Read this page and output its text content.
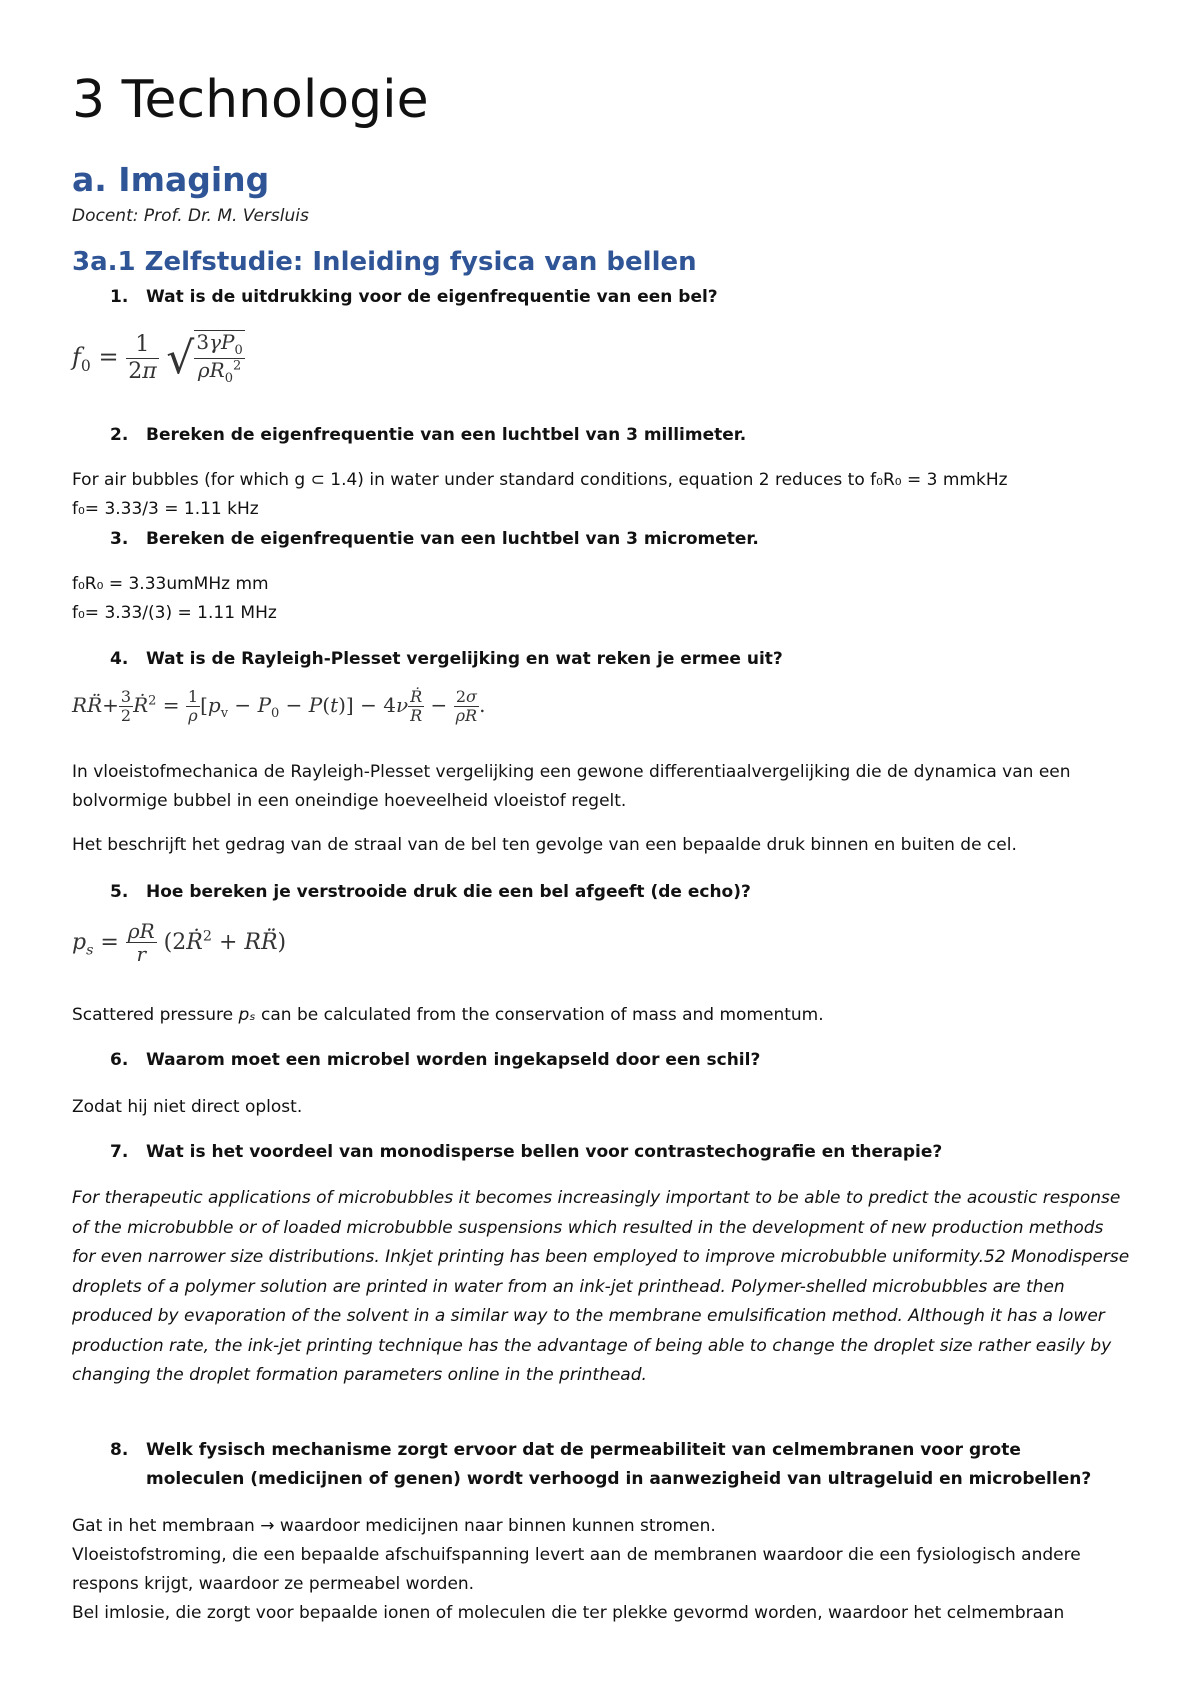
3 Technologie
a. Imaging

Docent: Prof. Dr. M. Versluis

3a.1 Zelfstudie: Inleiding fysica van bellen
1. Wat is de uitdrukking voor de eigenfrequentie van een bel?
$f_0 = \frac{1}{2\pi}$ √ $\frac{3\gamma P_0}{\rho R_0^2}$
2. Bereken de eigenfrequentie van een luchtbel van 3 millimeter.

For air bubbles (for which g ⊂ 1.4) in water under standard conditions, equation 2 reduces to f₀R₀ = 3 mmkHz

f₀= 3.33/3 = 1.11 kHz

3. Bereken de eigenfrequentie van een luchtbel van 3 micrometer.

f₀R₀ = 3.33umMHz mm

f₀= 3.33/(3) = 1.11 MHz

4. Wat is de Rayleigh-Plesset vergelijking en wat reken je ermee uit?
RR̈+ $\frac{3}{2}$ Ṙ$^2$ = $\frac{1}{\rho} [p_v - P_0 - P(t)] - 4\nu \frac{\text{Ṙ}}{R} - \frac{2\sigma}{\rho R}$ .

In vloeistofmechanica de Rayleigh-Plesset vergelijking een gewone differentiaalvergelijking die de dynamica van een bolvormige bubbel in een oneindige hoeveelheid vloeistof regelt.

Het beschrijft het gedrag van de straal van de bel ten gevolge van een bepaalde druk binnen en buiten de cel.

5. Hoe bereken je verstrooide druk die een bel afgeeft (de echo)?
$p_s = \frac{\rho R}{r}$ (2Ṙ$^2$ + RR̈)

Scattered pressure pₛ can be calculated from the conservation of mass and momentum.

6. Waarom moet een microbel worden ingekapseld door een schil?

Zodat hij niet direct oplost.

7. Wat is het voordeel van monodisperse bellen voor contrastechografie en therapie?

For therapeutic applications of microbubbles it becomes increasingly important to be able to predict the acoustic response of the microbubble or of loaded microbubble suspensions which resulted in the development of new production methods for even narrower size distributions. Inkjet printing has been employed to improve microbubble uniformity.52 Monodisperse droplets of a polymer solution are printed in water from an ink-jet printhead. Polymer-shelled microbubbles are then produced by evaporation of the solvent in a similar way to the membrane emulsification method. Although it has a lower production rate, the ink-jet printing technique has the advantage of being able to change the droplet size rather easily by changing the droplet formation parameters online in the printhead.

8. Welk fysisch mechanisme zorgt ervoor dat de permeabiliteit van celmembranen voor grote moleculen (medicijnen of genen) wordt verhoogd in aanwezigheid van ultrageluid en microbellen?

Gat in het membraan → waardoor medicijnen naar binnen kunnen stromen.

Vloeistofstroming, die een bepaalde afschuifspanning levert aan de membranen waardoor die een fysiologisch andere respons krijgt, waardoor ze permeabel worden.

Bel imlosie, die zorgt voor bepaalde ionen of moleculen die ter plekke gevormd worden, waardoor het celmembraan
